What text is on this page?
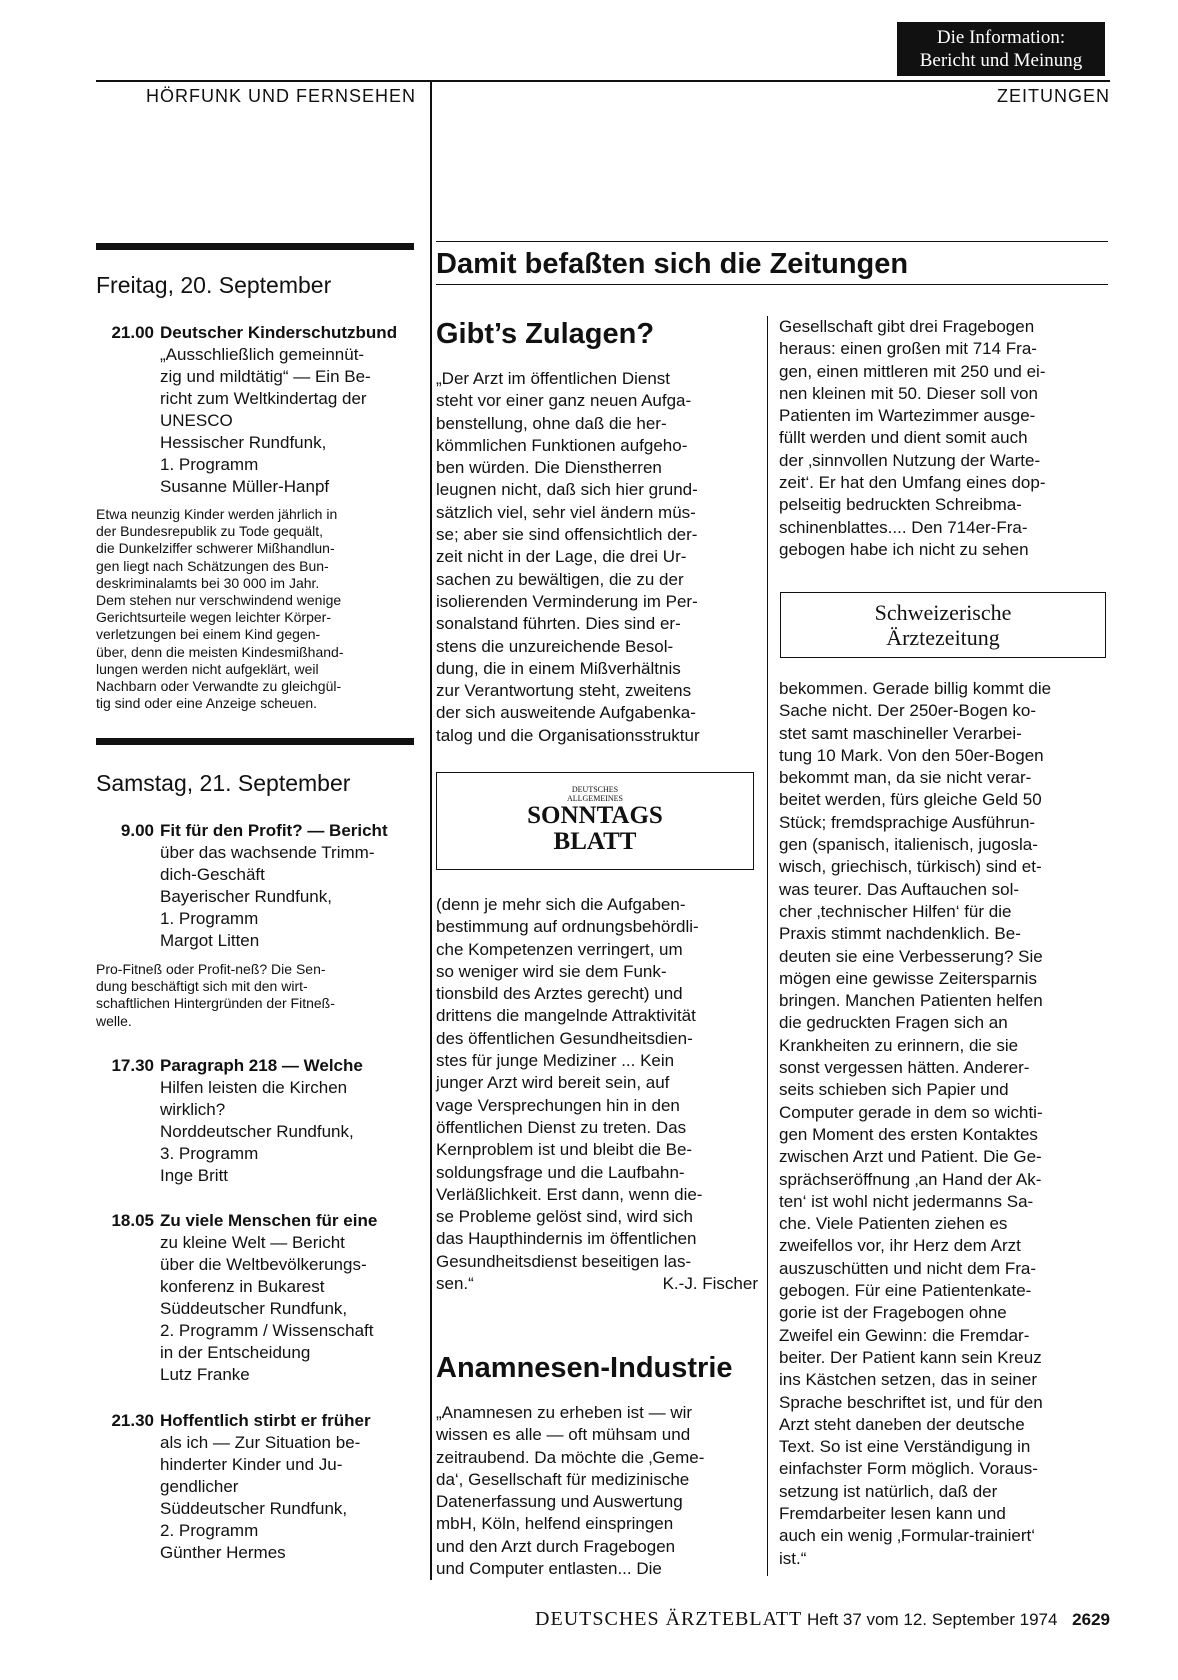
Die Information:
Bericht und Meinung
HÖRFUNK UND FERNSEHEN	ZEITUNGEN
Freitag, 20. September
21.00 Deutscher Kinderschutzbund
„Ausschließlich gemeinnüt-
zig und mildtätig“ — Ein Be-
richt zum Weltkindertag der
UNESCO
Hessischer Rundfunk,
1. Programm
Susanne Müller-Hanpf
Etwa neunzig Kinder werden jährlich in
der Bundesrepublik zu Tode gequält,
die Dunkelziffer schwerer Mißhandlun-
gen liegt nach Schätzungen des Bun-
deskriminalamts bei 30 000 im Jahr.
Dem stehen nur verschwindend wenige
Gerichtsurteile wegen leichter Körper-
verletzungen bei einem Kind gegen-
über, denn die meisten Kindesmißhand-
lungen werden nicht aufgeklärt, weil
Nachbarn oder Verwandte zu gleichgül-
tig sind oder eine Anzeige scheuen.
Samstag, 21. September
9.00 Fit für den Profit? — Bericht
über das wachsende Trimm-
dich-Geschäft
Bayerischer Rundfunk,
1. Programm
Margot Litten
Pro-Fitneß oder Profit-neß? Die Sen-
dung beschäftigt sich mit den wirt-
schaftlichen Hintergründen der Fitneß-
welle.
17.30 Paragraph 218 — Welche
Hilfen leisten die Kirchen
wirklich?
Norddeutscher Rundfunk,
3. Programm
Inge Britt
18.05 Zu viele Menschen für eine
zu kleine Welt — Bericht
über die Weltbevölkerungs-
konferenz in Bukarest
Süddeutscher Rundfunk,
2. Programm / Wissenschaft
in der Entscheidung
Lutz Franke
21.30 Hoffentlich stirbt er früher
als ich — Zur Situation be-
hinderter Kinder und Ju-
gendlicher
Süddeutscher Rundfunk,
2. Programm
Günther Hermes
Damit befaßten sich die Zeitungen
Gibt’s Zulagen?

„Der Arzt im öffentlichen Dienst

steht vor einer ganz neuen Aufga-

benstellung, ohne daß die her-

kömmlichen Funktionen aufgeho-

ben würden. Die Dienstherren

leugnen nicht, daß sich hier grund-

sätzlich viel, sehr viel ändern müs-

se; aber sie sind offensichtlich der-

zeit nicht in der Lage, die drei Ur-

sachen zu bewältigen, die zu der

isolierenden Verminderung im Per-

sonalstand führten. Dies sind er-

stens die unzureichende Besol-

dung, die in einem Mißverhältnis

zur Verantwortung steht, zweitens

der sich ausweitende Aufgabenka-

talog und die Organisationsstruktur

DEUTSCHES
ALLGEMEINES
SONNTAGS
BLATT

(denn je mehr sich die Aufgaben-

bestimmung auf ordnungsbehördli-

che Kompetenzen verringert, um

so weniger wird sie dem Funk-

tionsbild des Arztes gerecht) und

drittens die mangelnde Attraktivität

des öffentlichen Gesundheitsdien-

stes für junge Mediziner ... Kein

junger Arzt wird bereit sein, auf

vage Versprechungen hin in den

öffentlichen Dienst zu treten. Das

Kernproblem ist und bleibt die Be-

soldungsfrage und die Laufbahn-

Verläßlichkeit. Erst dann, wenn die-

se Probleme gelöst sind, wird sich

das Haupthindernis im öffentlichen

Gesundheitsdienst beseitigen las-

sen.“	K.-J. Fischer

Anamnesen-Industrie

„Anamnesen zu erheben ist — wir

wissen es alle — oft mühsam und

zeitraubend. Da möchte die ‚Geme-

da‘, Gesellschaft für medizinische

Datenerfassung und Auswertung

mbH, Köln, helfend einspringen

und den Arzt durch Fragebogen

und Computer entlasten... Die

Gesellschaft gibt drei Fragebogen

heraus: einen großen mit 714 Fra-

gen, einen mittleren mit 250 und ei-

nen kleinen mit 50. Dieser soll von

Patienten im Wartezimmer ausge-

füllt werden und dient somit auch

der ‚sinnvollen Nutzung der Warte-

zeit‘. Er hat den Umfang eines dop-

pelseitig bedruckten Schreibma-

schinenblattes.... Den 714er-Fra-

gebogen habe ich nicht zu sehen

Schweizerische
Ärztezeitung

bekommen. Gerade billig kommt die

Sache nicht. Der 250er-Bogen ko-

stet samt maschineller Verarbei-

tung 10 Mark. Von den 50er-Bogen

bekommt man, da sie nicht verar-

beitet werden, fürs gleiche Geld 50

Stück; fremdsprachige Ausführun-

gen (spanisch, italienisch, jugosla-

wisch, griechisch, türkisch) sind et-

was teurer. Das Auftauchen sol-

cher ‚technischer Hilfen‘ für die

Praxis stimmt nachdenklich. Be-

deuten sie eine Verbesserung? Sie

mögen eine gewisse Zeitersparnis

bringen. Manchen Patienten helfen

die gedruckten Fragen sich an

Krankheiten zu erinnern, die sie

sonst vergessen hätten. Anderer-

seits schieben sich Papier und

Computer gerade in dem so wichti-

gen Moment des ersten Kontaktes

zwischen Arzt und Patient. Die Ge-

sprächseröffnung ‚an Hand der Ak-

ten‘ ist wohl nicht jedermanns Sa-

che. Viele Patienten ziehen es

zweifellos vor, ihr Herz dem Arzt

auszuschütten und nicht dem Fra-

gebogen. Für eine Patientenkate-

gorie ist der Fragebogen ohne

Zweifel ein Gewinn: die Fremdar-

beiter. Der Patient kann sein Kreuz

ins Kästchen setzen, das in seiner

Sprache beschriftet ist, und für den

Arzt steht daneben der deutsche

Text. So ist eine Verständigung in

einfachster Form möglich. Voraus-

setzung ist natürlich, daß der

Fremdarbeiter lesen kann und

auch ein wenig ‚Formular-trainiert‘

ist.“

DEUTSCHES ÄRZTEBLATT Heft 37 vom 12. September 1974 2629
